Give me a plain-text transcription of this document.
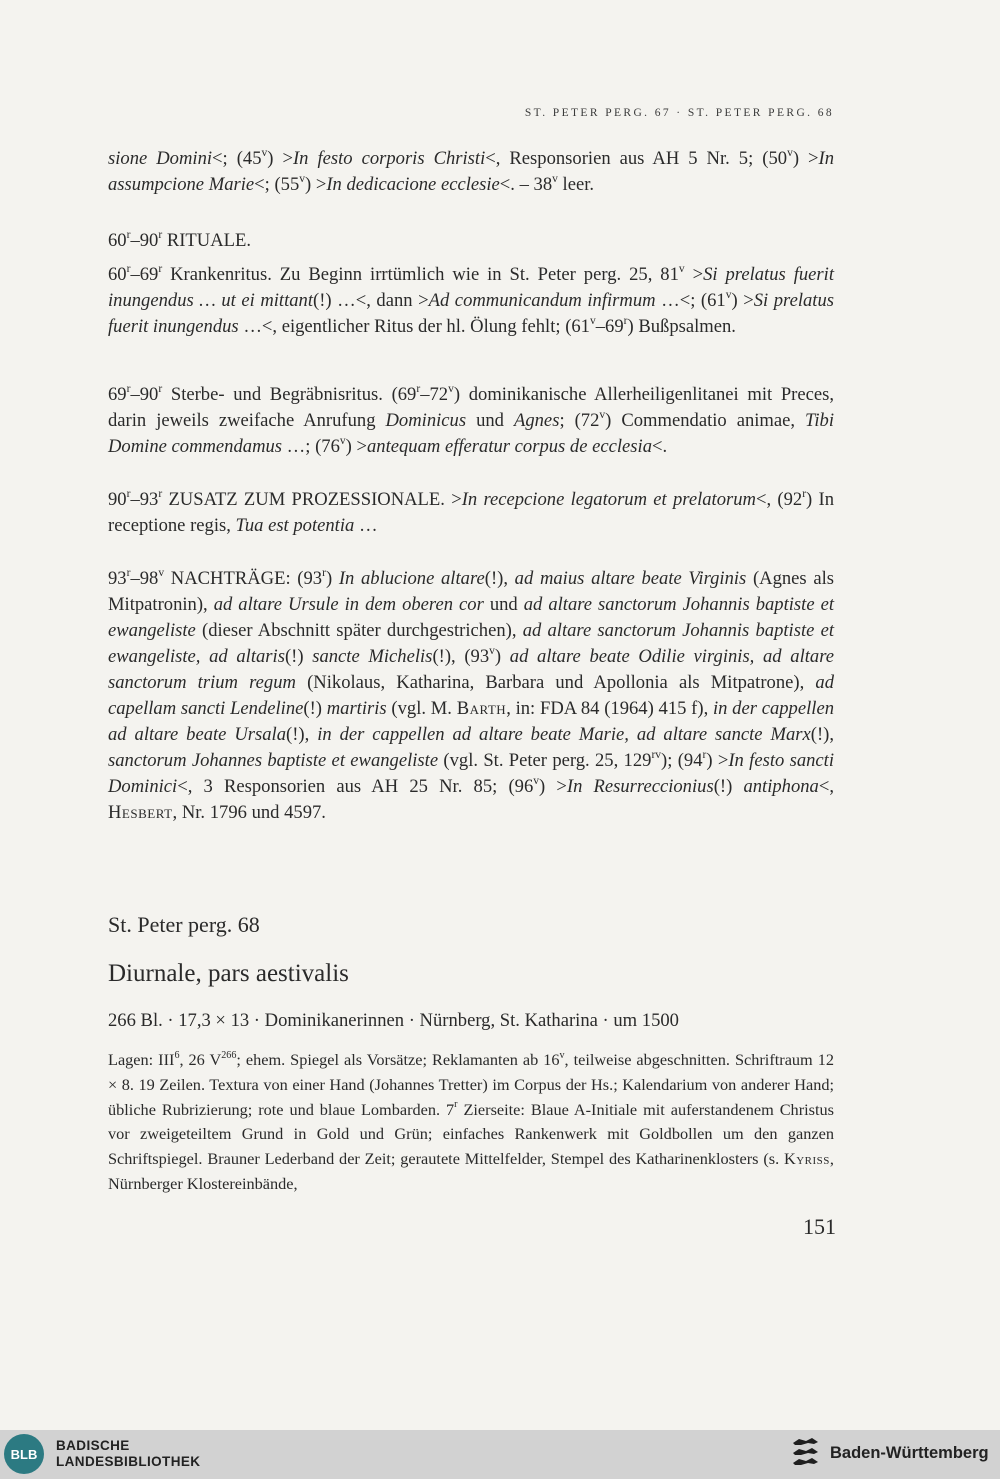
ST. PETER PERG. 67 · ST. PETER PERG. 68

sione Domini<; $(45^v) >In$ festo corporis Christi<, Responsorien aus AH 5 Nr. 5; $(50^v) >In$ assumpcione Marie<; $(55^v) >In$ dedicacione ecclesie<. – 38$^v$ leer.

60$^r$–90$^r$ RITUALE.

60$^r$–69$^r$ Krankenritus. Zu Beginn irrtümlich wie in St. Peter perg. 25, $81^v >Si$ prelatus fuerit inungendus … ut ei mittant(!) …<, dann >Ad communicandum infirmum …<; $(61^v) >Si$ prelatus fuerit inungendus …<, eigentlicher Ritus der hl. Ölung fehlt; (61$^v$–69$^r$) Bußpsalmen.

69$^r$–90$^r$ Sterbe- und Begräbnisritus. (69$^r$–72$^v$) dominikanische Allerheiligenlitanei mit Preces, darin jeweils zweifache Anrufung Dominicus und Agnes; (72$^v$) Commendatio animae, Tibi Domine commendamus …; $(76^v)$ >antequam efferatur corpus de ecclesia<.

90$^r$–93$^r$ ZUSATZ ZUM PROZESSIONALE. >In recepcione legatorum et prelatorum<, (92$^r$) In receptione regis, Tua est potentia …

93$^r$–98$^v$ NACHTRÄGE: (93$^r$) In ablucione altare(!), ad maius altare beate Virginis (Agnes als Mitpatronin), ad altare Ursule in dem oberen cor und ad altare sanctorum Johannis baptiste et ewangeliste (dieser Abschnitt später durchgestrichen), ad altare sanctorum Johannis baptiste et ewangeliste, ad altaris(!) sancte Michelis(!), (93$^v$) ad altare beate Odilie virginis, ad altare sanctorum trium regum (Nikolaus, Katharina, Barbara und Apollonia als Mitpatrone), ad capellam sancti Lendeline(!) martiris (vgl. M. Barth, in: FDA 84 (1964) 415 f), in der cappellen ad altare beate Ursala(!), in der cappellen ad altare beate Marie, ad altare sancte Marx(!), sanctorum Johannes baptiste et ewangeliste (vgl. St. Peter perg. 25, $129^{rv}$); $(94^r) >In$ festo sancti Dominici<, 3 Responsorien aus AH 25 Nr. 85; $(96^v) >In$ Resurreccionius(!) antiphona<, Hesbert, Nr. 1796 und 4597.

St. Peter perg. 68
Diurnale, pars aestivalis
266 Bl. · 17,3 × 13 · Dominikanerinnen · Nürnberg, St. Katharina · um 1500

Lagen: III$^6$, 26 $V^{266}$; ehem. Spiegel als Vorsätze; Reklamanten ab 16$^v$, teilweise abgeschnitten. Schriftraum 12 × 8. 19 Zeilen. Textura von einer Hand (Johannes Tretter) im Corpus der Hs.; Kalendarium von anderer Hand; übliche Rubrizierung; rote und blaue Lombarden. 7$^r$ Zierseite: Blaue A-Initiale mit auferstandenem Christus vor zweigeteiltem Grund in Gold und Grün; einfaches Rankenwerk mit Goldbollen um den ganzen Schriftspiegel. Brauner Lederband der Zeit; gerautete Mittelfelder, Stempel des Katharinenklosters (s. Kyriss, Nürnberger Klostereinbände,

151
BLB
BADISCHE
LANDESBIBLIOTHEK	Baden-Württemberg
